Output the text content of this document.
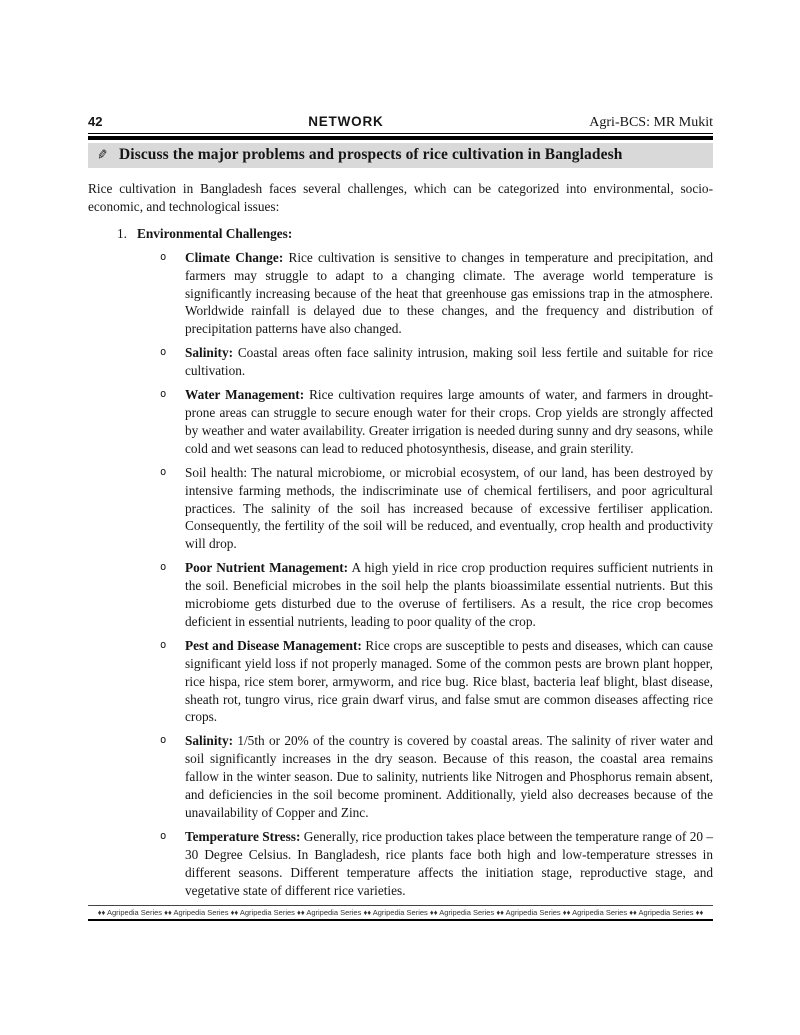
42	NETWORK	Agri-BCS: MR Mukit
✎ Discuss the major problems and prospects of rice cultivation in Bangladesh

Rice cultivation in Bangladesh faces several challenges, which can be categorized into environmental, socio-economic, and technological issues:

1. Environmental Challenges:
o	Climate Change: Rice cultivation is sensitive to changes in temperature and precipitation, and farmers may struggle to adapt to a changing climate. The average world temperature is significantly increasing because of the heat that greenhouse gas emissions trap in the atmosphere. Worldwide rainfall is delayed due to these changes, and the frequency and distribution of precipitation patterns have also changed.

o	Salinity: Coastal areas often face salinity intrusion, making soil less fertile and suitable for rice cultivation.

o	Water Management: Rice cultivation requires large amounts of water, and farmers in drought-prone areas can struggle to secure enough water for their crops. Crop yields are strongly affected by weather and water availability. Greater irrigation is needed during sunny and dry seasons, while cold and wet seasons can lead to reduced photosynthesis, disease, and grain sterility.

o	Soil health: The natural microbiome, or microbial ecosystem, of our land, has been destroyed by intensive farming methods, the indiscriminate use of chemical fertilisers, and poor agricultural practices. The salinity of the soil has increased because of excessive fertiliser application. Consequently, the fertility of the soil will be reduced, and eventually, crop health and productivity will drop.

o	Poor Nutrient Management: A high yield in rice crop production requires sufficient nutrients in the soil. Beneficial microbes in the soil help the plants bioassimilate essential nutrients. But this microbiome gets disturbed due to the overuse of fertilisers. As a result, the rice crop becomes deficient in essential nutrients, leading to poor quality of the crop.

o	Pest and Disease Management: Rice crops are susceptible to pests and diseases, which can cause significant yield loss if not properly managed. Some of the common pests are brown plant hopper, rice hispa, rice stem borer, armyworm, and rice bug. Rice blast, bacteria leaf blight, blast disease, sheath rot, tungro virus, rice grain dwarf virus, and false smut are common diseases affecting rice crops.

o	Salinity: 1/5th or 20% of the country is covered by coastal areas. The salinity of river water and soil significantly increases in the dry season. Because of this reason, the coastal area remains fallow in the winter season. Due to salinity, nutrients like Nitrogen and Phosphorus remain absent, and deficiencies in the soil become prominent. Additionally, yield also decreases because of the unavailability of Copper and Zinc.

o	Temperature Stress: Generally, rice production takes place between the temperature range of 20 – 30 Degree Celsius. In Bangladesh, rice plants face both high and low-temperature stresses in different seasons. Different temperature affects the initiation stage, reproductive stage, and vegetative state of different rice varieties.

♦♦ Agripedia Series ♦♦ Agripedia Series ♦♦ Agripedia Series ♦♦ Agripedia Series ♦♦ Agripedia Series ♦♦ Agripedia Series ♦♦ Agripedia Series ♦♦ Agripedia Series ♦♦ Agripedia Series ♦♦
